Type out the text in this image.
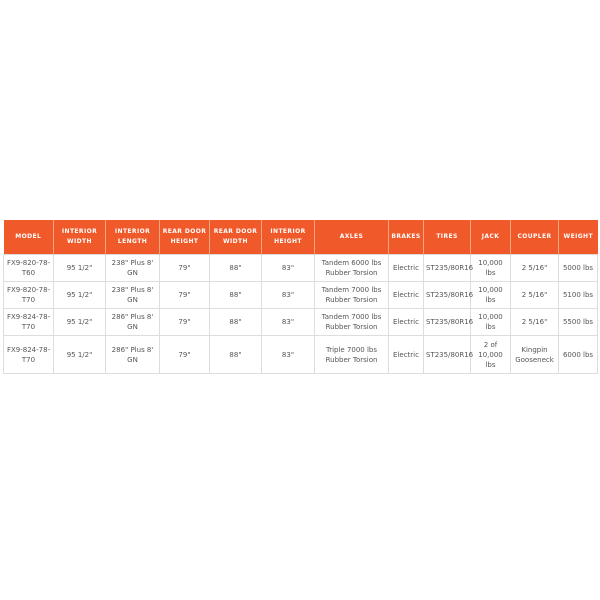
MODEL	INTERIOR WIDTH	INTERIOR LENGTH	REAR DOOR HEIGHT	REAR DOOR WIDTH	INTERIOR HEIGHT	AXLES	BRAKES	TIRES	JACK	COUPLER	WEIGHT
FX9-820-78-T60	95 1/2"	238" Plus 8' GN	79"	88"	83"	Tandem 6000 lbs Rubber Torsion	Electric	ST235/80R16	10,000 lbs	2 5/16"	5000 lbs
FX9-820-78-T70	95 1/2"	238" Plus 8' GN	79"	88"	83"	Tandem 7000 lbs Rubber Torsion	Electric	ST235/80R16	10,000 lbs	2 5/16"	5100 lbs
FX9-824-78-T70	95 1/2"	286" Plus 8' GN	79"	88"	83"	Tandem 7000 lbs Rubber Torsion	Electric	ST235/80R16	10,000 lbs	2 5/16"	5500 lbs
FX9-824-78-T70	95 1/2"	286" Plus 8' GN	79"	88"	83"	Triple 7000 lbs Rubber Torsion	Electric	ST235/80R16	2 of 10,000 lbs	Kingpin Gooseneck	6000 lbs
